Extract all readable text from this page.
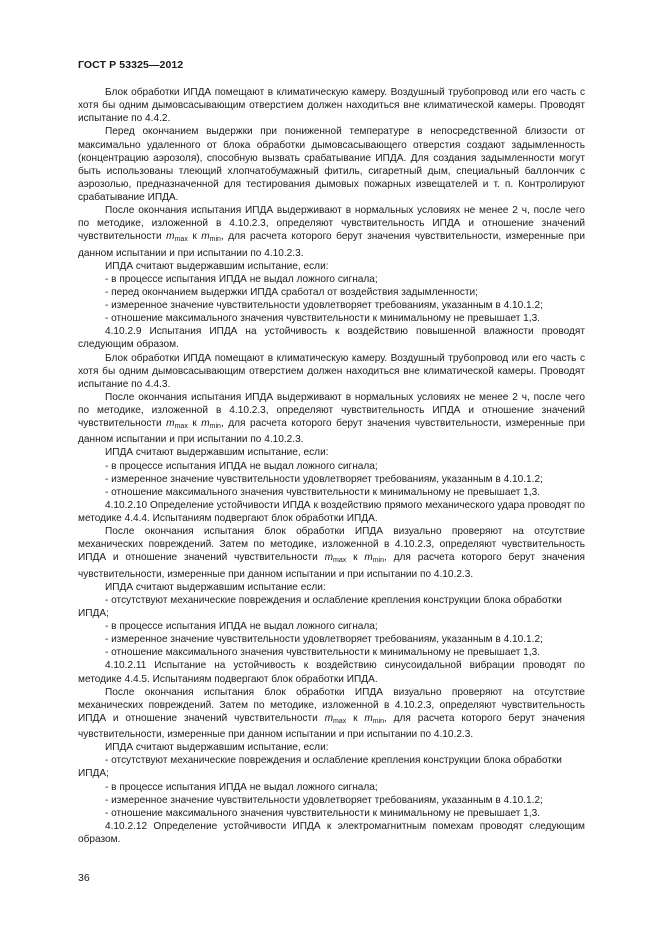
ГОСТ Р 53325—2012

Блок обработки ИПДА помещают в климатическую камеру. Воздушный трубопровод или его часть с хотя бы одним дымовсасывающим отверстием должен находиться вне климатической камеры. Проводят испытание по 4.4.2.

Перед окончанием выдержки при пониженной температуре в непосредственной близости от максимально удаленного от блока обработки дымовсасывающего отверстия создают задымленность (концентрацию аэрозоля), способную вызвать срабатывание ИПДА. Для создания задымленности могут быть использованы тлеющий хлопчатобумажный фитиль, сигаретный дым, специальный баллончик с аэрозолью, предназначенной для тестирования дымовых пожарных извещателей и т. п. Контролируют срабатывание ИПДА.

После окончания испытания ИПДА выдерживают в нормальных условиях не менее 2 ч, после чего по методике, изложенной в 4.10.2.3, определяют чувствительность ИПДА и отношение значений чувствительности $m_{max}$ к $m_{min}$, для расчета которого берут значения чувствительности, измеренные при данном испытании и при испытании по 4.10.2.3.

ИПДА считают выдержавшим испытание, если:

- в процессе испытания ИПДА не выдал ложного сигнала;

- перед окончанием выдержки ИПДА сработал от воздействия задымленности;

- измеренное значение чувствительности удовлетворяет требованиям, указанным в 4.10.1.2;

- отношение максимального значения чувствительности к минимальному не превышает 1,3.

4.10.2.9 Испытания ИПДА на устойчивость к воздействию повышенной влажности проводят следующим образом.

Блок обработки ИПДА помещают в климатическую камеру. Воздушный трубопровод или его часть с хотя бы одним дымовсасывающим отверстием должен находиться вне климатической камеры. Проводят испытание по 4.4.3.

После окончания испытания ИПДА выдерживают в нормальных условиях не менее 2 ч, после чего по методике, изложенной в 4.10.2.3, определяют чувствительность ИПДА и отношение значений чувствительности $m_{max}$ к $m_{min}$, для расчета которого берут значения чувствительности, измеренные при данном испытании и при испытании по 4.10.2.3.

ИПДА считают выдержавшим испытание, если:

- в процессе испытания ИПДА не выдал ложного сигнала;

- измеренное значение чувствительности удовлетворяет требованиям, указанным в 4.10.1.2;

- отношение максимального значения чувствительности к минимальному не превышает 1,3.

4.10.2.10 Определение устойчивости ИПДА к воздействию прямого механического удара проводят по методике 4.4.4. Испытаниям подвергают блок обработки ИПДА.

После окончания испытания блок обработки ИПДА визуально проверяют на отсутствие механических повреждений. Затем по методике, изложенной в 4.10.2.3, определяют чувствительность ИПДА и отношение значений чувствительности $m_{max}$ к $m_{min}$, для расчета которого берут значения чувствительности, измеренные при данном испытании и при испытании по 4.10.2.3.

ИПДА считают выдержавшим испытание если:

- отсутствуют механические повреждения и ослабление крепления конструкции блока обработки ИПДА;

- в процессе испытания ИПДА не выдал ложного сигнала;

- измеренное значение чувствительности удовлетворяет требованиям, указанным в 4.10.1.2;

- отношение максимального значения чувствительности к минимальному не превышает 1,3.

4.10.2.11 Испытание на устойчивость к воздействию синусоидальной вибрации проводят по методике 4.4.5. Испытаниям подвергают блок обработки ИПДА.

После окончания испытания блок обработки ИПДА визуально проверяют на отсутствие механических повреждений. Затем по методике, изложенной в 4.10.2.3, определяют чувствительность ИПДА и отношение значений чувствительности $m_{max}$ к $m_{min}$, для расчета которого берут значения чувствительности, измеренные при данном испытании и при испытании по 4.10.2.3.

ИПДА считают выдержавшим испытание, если:

- отсутствуют механические повреждения и ослабление крепления конструкции блока обработки ИПДА;

- в процессе испытания ИПДА не выдал ложного сигнала;

- измеренное значение чувствительности удовлетворяет требованиям, указанным в 4.10.1.2;

- отношение максимального значения чувствительности к минимальному не превышает 1,3.

4.10.2.12 Определение устойчивости ИПДА к электромагнитным помехам проводят следующим образом.

36
